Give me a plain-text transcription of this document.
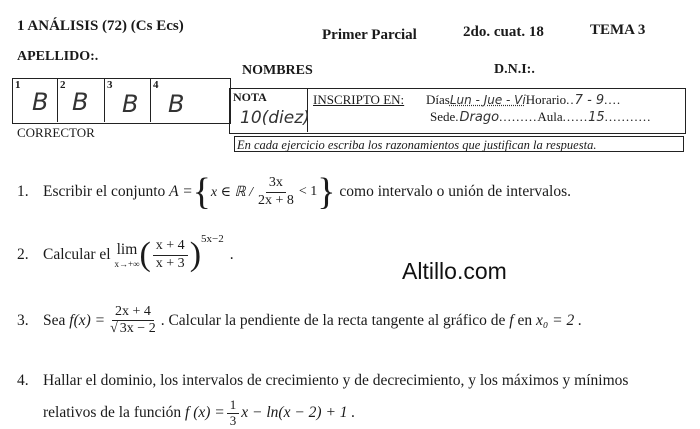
1 ANÁLISIS (72) (Cs Ecs)
Primer Parcial	2do. cuat. 18	TEMA 3
APELLIDO:.
NOMBRES	D.N.I:.
1	2	3	4
B B B B
CORRECTOR
NOTA
10(diez)
INSCRIPTO EN: DíasLun - Jue - ViHorario..7 - 9....
Sede.Drago.........Aula......15...........
En cada ejercicio escriba los razonamientos que justifican la respuesta.
1. Escribir el conjunto
A = { x ∈ ℝ / $\frac{3x}{2x + 8} < 1$ }
como intervalo o unión de intervalos.
2. Calcular el
lim
x→+∞ ( $\frac{x + 4}{x + 3}$ ) 5x−2
.
Altillo.com
3. Sea
$f(x) = \frac{2x + 4}{√ 3x - 2}$ . Calcular la pendiente de la recta tangente al gráfico de
f
en
x₀ = 2 .
4. Hallar el dominio, los intervalos de crecimiento y de decrecimiento, y los máximos y mínimos
relativos de la función
f $(x) = \frac{1}{3}$ x − ln(x − 2) + 1 .
